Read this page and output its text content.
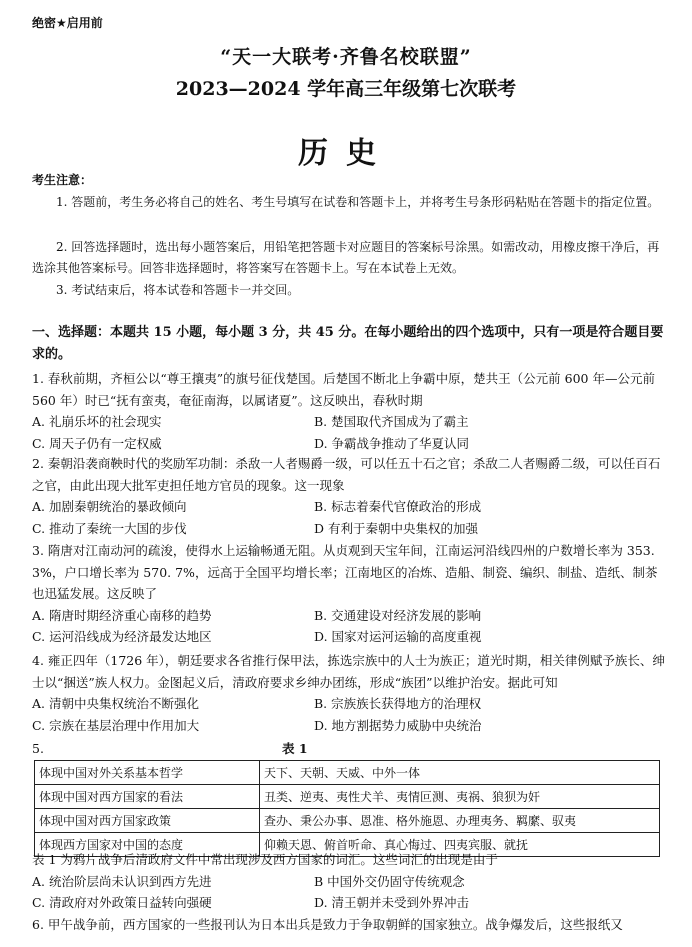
绝密★启用前
“天一大联考·齐鲁名校联盟”
2023—2024 学年高三年级第七次联考
历史
考生注意：
1. 答题前，考生务必将自己的姓名、考生号填写在试卷和答题卡上，并将考生号条形码粘贴在答题卡的指定位置。
2. 回答选择题时，选出每小题答案后，用铅笔把答题卡对应题目的答案标号涂黑。如需改动，用橡皮擦干净后，再选涂其他答案标号。回答非选择题时，将答案写在答题卡上。写在本试卷上无效。
3. 考试结束后，将本试卷和答题卡一并交回。
一、选择题：本题共 15 小题，每小题 3 分，共 45 分。在每小题给出的四个选项中，只有一项是符合题目要求的。
1. 春秋前期，齐桓公以“尊王攘夷”的旗号征伐楚国。后楚国不断北上争霸中原，楚共王（公元前 600 年—公元前 560 年）时已“抚有蛮夷，奄征南海，以属诸夏”。这反映出，春秋时期
A. 礼崩乐坏的社会现实	B. 楚国取代齐国成为了霸主
C. 周天子仍有一定权威	D. 争霸战争推动了华夏认同
2. 秦朝沿袭商鞅时代的奖励军功制：杀敌一人者赐爵一级，可以任五十石之官；杀敌二人者赐爵二级，可以任百石之官，由此出现大批军吏担任地方官员的现象。这一现象
A. 加剧秦朝统治的暴政倾向	B. 标志着秦代官僚政治的形成
C. 推动了秦统一大国的步伐	D 有利于秦朝中央集权的加强
3. 隋唐对江南动河的疏浚，使得水上运输畅通无阻。从贞观到天宝年间，江南运河沿线四州的户数增长率为 353. 3%，户口增长率为 570. 7%，远高于全国平均增长率；江南地区的冶炼、造船、制瓷、编织、制盐、造纸、制茶也迅猛发展。这反映了
A. 隋唐时期经济重心南移的趋势	B. 交通建设对经济发展的影响
C. 运河沿线成为经济最发达地区	D. 国家对运河运输的高度重视
4. 雍正四年（1726 年），朝廷要求各省推行保甲法，拣选宗族中的人士为族正；道光时期，相关律例赋予族长、绅士以“捆送”族人权力。金图起义后，清政府要求乡绅办团练，形成“族团”以维护治安。据此可知
A. 清朝中央集权统治不断强化	B. 宗族族长获得地方的治理权
C. 宗族在基层治理中作用加大	D. 地方割据势力威胁中央统治
5.	表 1
体现中国对外关系基本哲学	天下、天朝、天威、中外一体
体现中国对西方国家的看法	丑类、逆夷、夷性犬羊、夷情叵测、夷祸、狼狈为奸
体现中国对西方国家政策	查办、秉公办事、恩准、格外施恩、办理夷务、羁縻、驭夷
体现西方国家对中国的态度	仰赖天恩、俯首听命、真心悔过、四夷宾服、就抚
表 1 为鸦片战争后清政府文件中常出现涉及西方国家的词汇。这些词汇的出现是由于
A. 统治阶层尚未认识到西方先进	B 中国外交仍固守传统观念
C. 清政府对外政策日益转向强硬	D. 清王朝并未受到外界冲击
6. 甲午战争前，西方国家的一些报刊认为日本出兵是致力于争取朝鲜的国家独立。战争爆发后，这些报纸又
